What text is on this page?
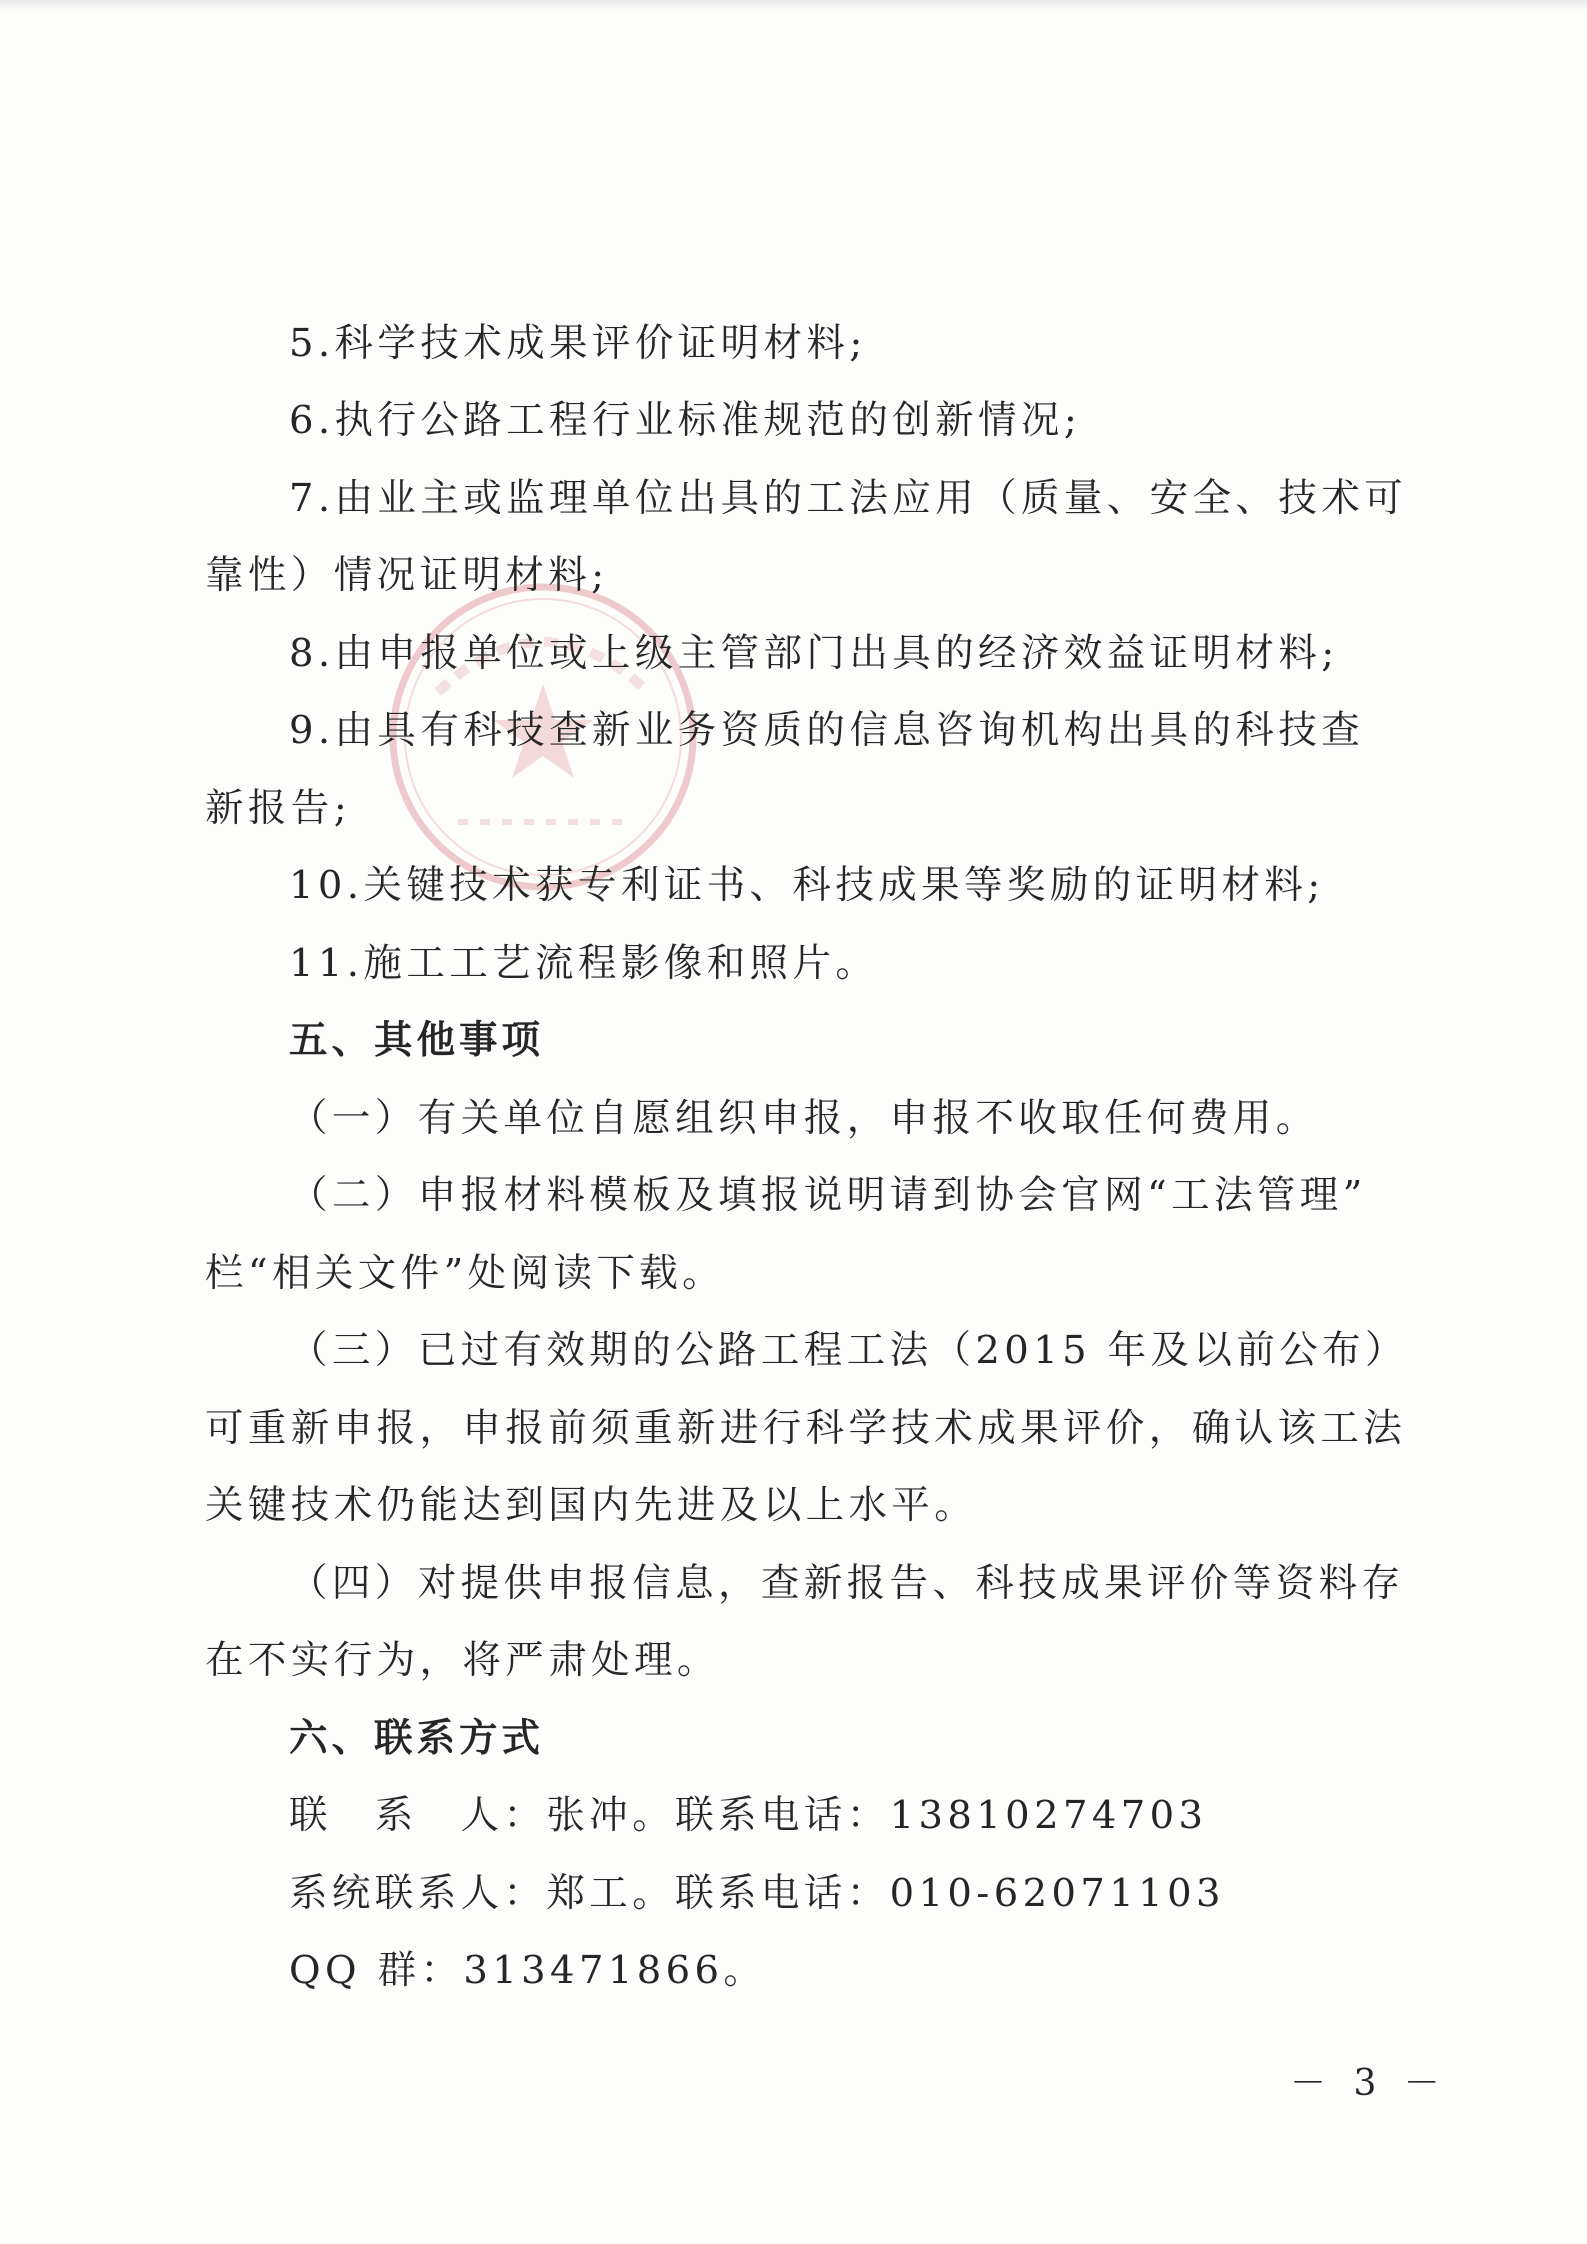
5.科学技术成果评价证明材料;
6.执行公路工程行业标准规范的创新情况;
7.由业主或监理单位出具的工法应用（质量、安全、技术可
靠性）情况证明材料;
8.由申报单位或上级主管部门出具的经济效益证明材料;
9.由具有科技查新业务资质的信息咨询机构出具的科技查
新报告;
10.关键技术获专利证书、科技成果等奖励的证明材料;
11.施工工艺流程影像和照片。
五、其他事项
（一）有关单位自愿组织申报，申报不收取任何费用。
（二）申报材料模板及填报说明请到协会官网“工法管理”
栏“相关文件”处阅读下载。
（三）已过有效期的公路工程工法（2015 年及以前公布）
可重新申报，申报前须重新进行科学技术成果评价，确认该工法
关键技术仍能达到国内先进及以上水平。
（四）对提供申报信息，查新报告、科技成果评价等资料存
在不实行为，将严肃处理。
六、联系方式
联　系　人：张冲。联系电话：13810274703
系统联系人：郑工。联系电话：010-62071103
QQ 群：313471866。
－ 3 －
